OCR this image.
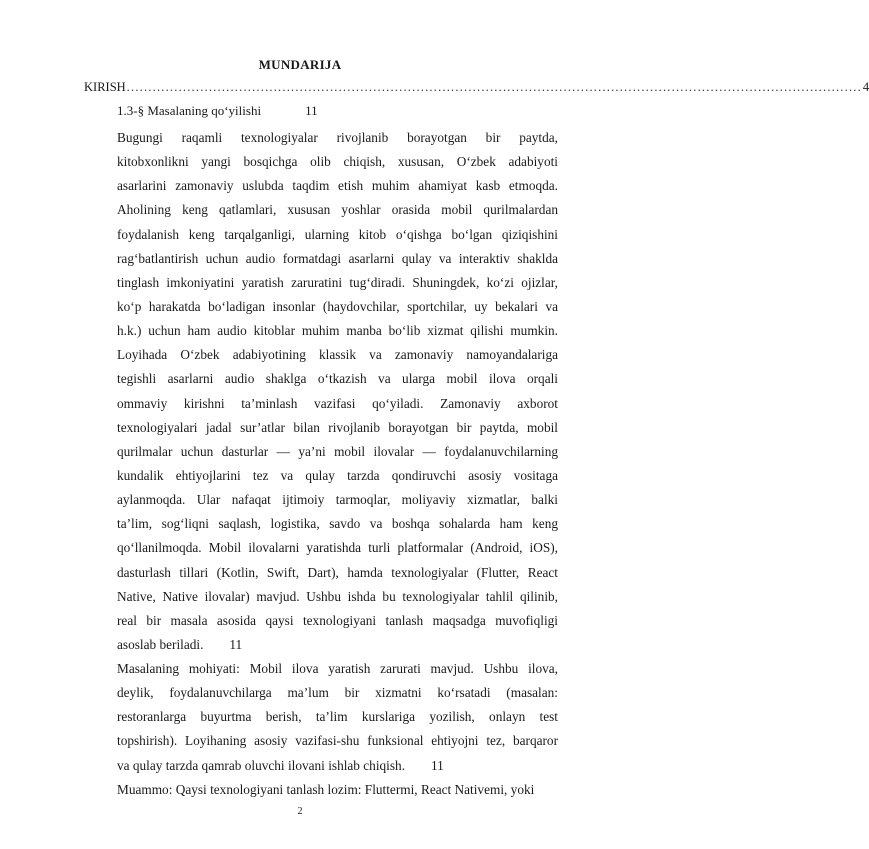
MUNDARIJA
KIRISH .......................................................................................................................................................................... 4
1.3-§ Masalaning qo‘yilishi	11
Bugungi raqamli texnologiyalar rivojlanib borayotgan bir paytda,
kitobxonlikni yangi bosqichga olib chiqish, xususan, O‘zbek adabiyoti
asarlarini zamonaviy uslubda taqdim etish muhim ahamiyat kasb etmoqda.
Aholining keng qatlamlari, xususan yoshlar orasida mobil qurilmalardan
foydalanish keng tarqalganligi, ularning kitob o‘qishga bo‘lgan qiziqishini
rag‘batlantirish uchun audio formatdagi asarlarni qulay va interaktiv shaklda
tinglash imkoniyatini yaratish zaruratini tug‘diradi. Shuningdek, ko‘zi ojizlar,
ko‘p harakatda bo‘ladigan insonlar (haydovchilar, sportchilar, uy bekalari va
h.k.) uchun ham audio kitoblar muhim manba bo‘lib xizmat qilishi mumkin.
Loyihada O‘zbek adabiyotining klassik va zamonaviy namoyandalariga
tegishli asarlarni audio shaklga o‘tkazish va ularga mobil ilova orqali
ommaviy kirishni ta’minlash vazifasi qo‘yiladi. Zamonaviy axborot
texnologiyalari jadal sur’atlar bilan rivojlanib borayotgan bir paytda, mobil
qurilmalar uchun dasturlar — ya’ni mobil ilovalar — foydalanuvchilarning
kundalik ehtiyojlarini tez va qulay tarzda qondiruvchi asosiy vositaga
aylanmoqda. Ular nafaqat ijtimoiy tarmoqlar, moliyaviy xizmatlar, balki
ta’lim, sog‘liqni saqlash, logistika, savdo va boshqa sohalarda ham keng
qo‘llanilmoqda. Mobil ilovalarni yaratishda turli platformalar (Android, iOS),
dasturlash tillari (Kotlin, Swift, Dart), hamda texnologiyalar (Flutter, React
Native, Native ilovalar) mavjud. Ushbu ishda bu texnologiyalar tahlil qilinib,
real bir masala asosida qaysi texnologiyani tanlash maqsadga muvofiqligi
asoslab beriladi. 11
Masalaning mohiyati: Mobil ilova yaratish zarurati mavjud. Ushbu ilova,
deylik, foydalanuvchilarga ma’lum bir xizmatni ko‘rsatadi (masalan:
restoranlarga buyurtma berish, ta’lim kurslariga yozilish, onlayn test
topshirish). Loyihaning asosiy vazifasi-shu funksional ehtiyojni tez, barqaror
va qulay tarzda qamrab oluvchi ilovani ishlab chiqish. 11
Muammo: Qaysi texnologiyani tanlash lozim: Fluttermi, React Nativemi, yoki
2
